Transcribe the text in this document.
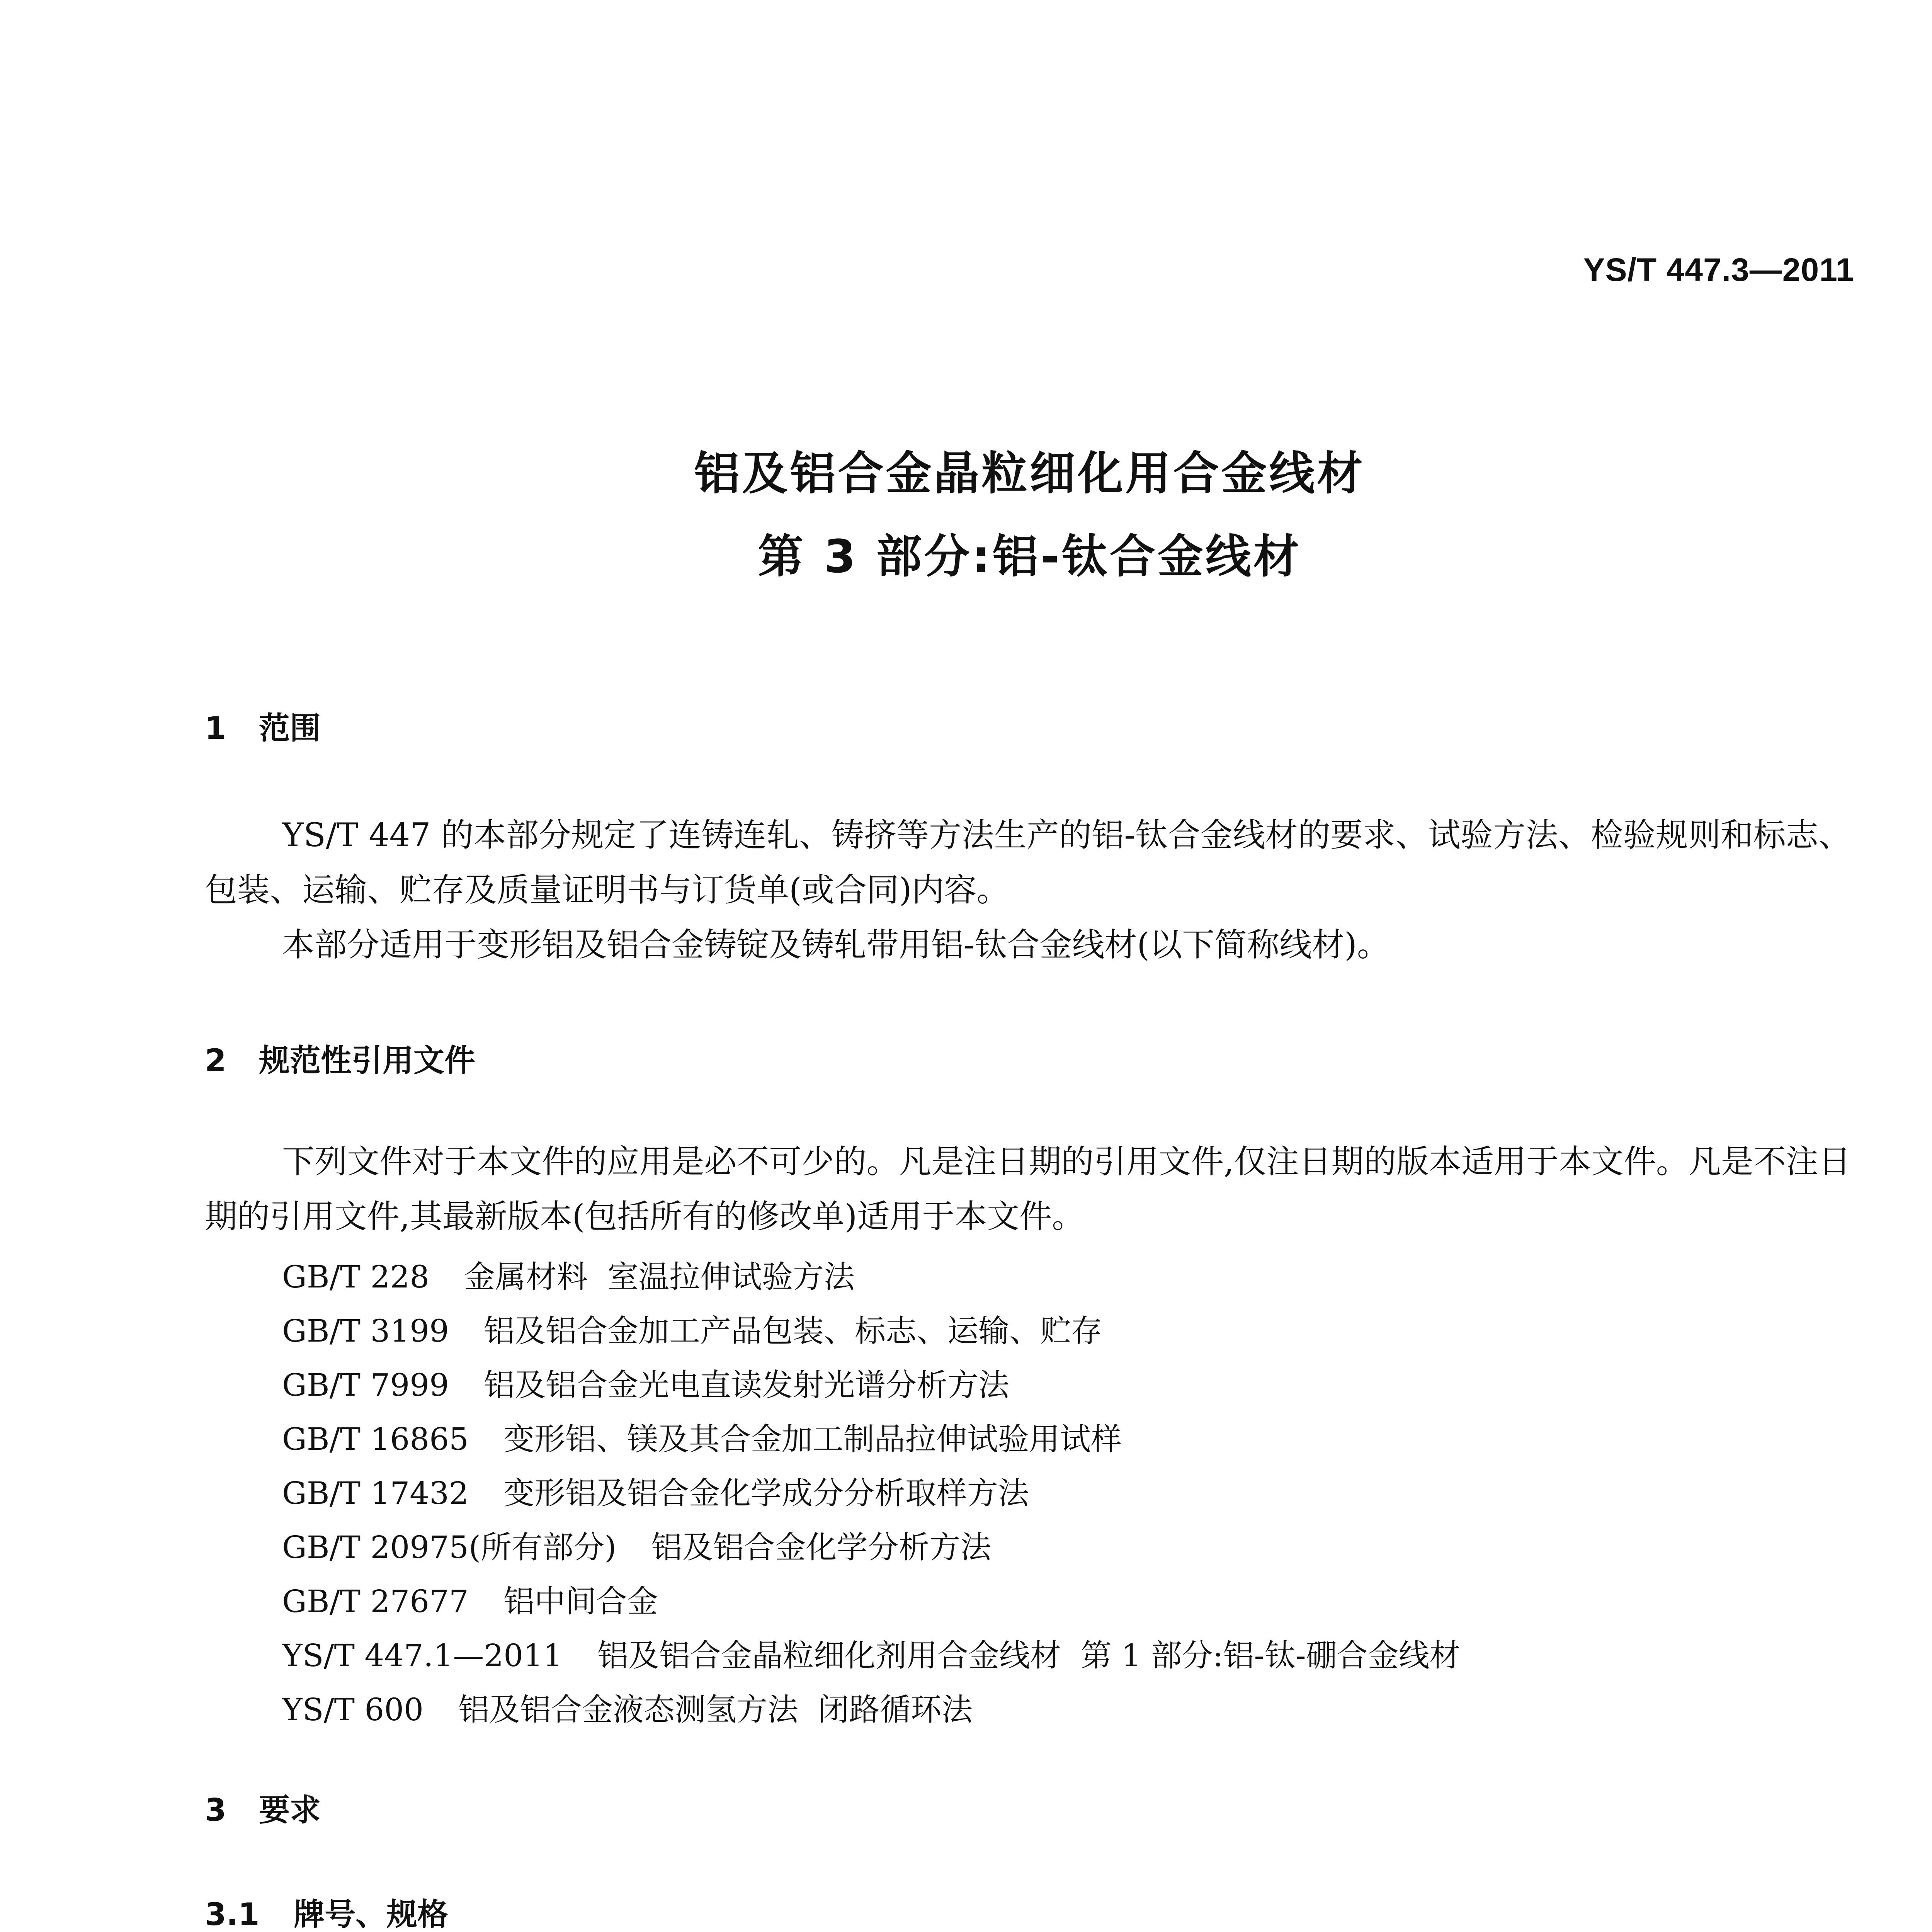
YS/T 447.3—2011
铝及铝合金晶粒细化用合金线材
第 3 部分:铝-钛合金线材
1 范围
YS/T 447 的本部分规定了连铸连轧、铸挤等方法生产的铝-钛合金线材的要求、试验方法、检验规则和标志、包装、运输、贮存及质量证明书与订货单(或合同)内容。
本部分适用于变形铝及铝合金铸锭及铸轧带用铝-钛合金线材(以下简称线材)。
2 规范性引用文件
下列文件对于本文件的应用是必不可少的。凡是注日期的引用文件,仅注日期的版本适用于本文件。凡是不注日期的引用文件,其最新版本(包括所有的修改单)适用于本文件。
GB/T 228 金属材料  室温拉伸试验方法
GB/T 3199 铝及铝合金加工产品包装、标志、运输、贮存
GB/T 7999 铝及铝合金光电直读发射光谱分析方法
GB/T 16865 变形铝、镁及其合金加工制品拉伸试验用试样
GB/T 17432 变形铝及铝合金化学成分分析取样方法
GB/T 20975(所有部分) 铝及铝合金化学分析方法
GB/T 27677 铝中间合金
YS/T 447.1—2011 铝及铝合金晶粒细化剂用合金线材  第 1 部分:铝-钛-硼合金线材
YS/T 600 铝及铝合金液态测氢方法  闭路循环法
3 要求
3.1 牌号、规格
